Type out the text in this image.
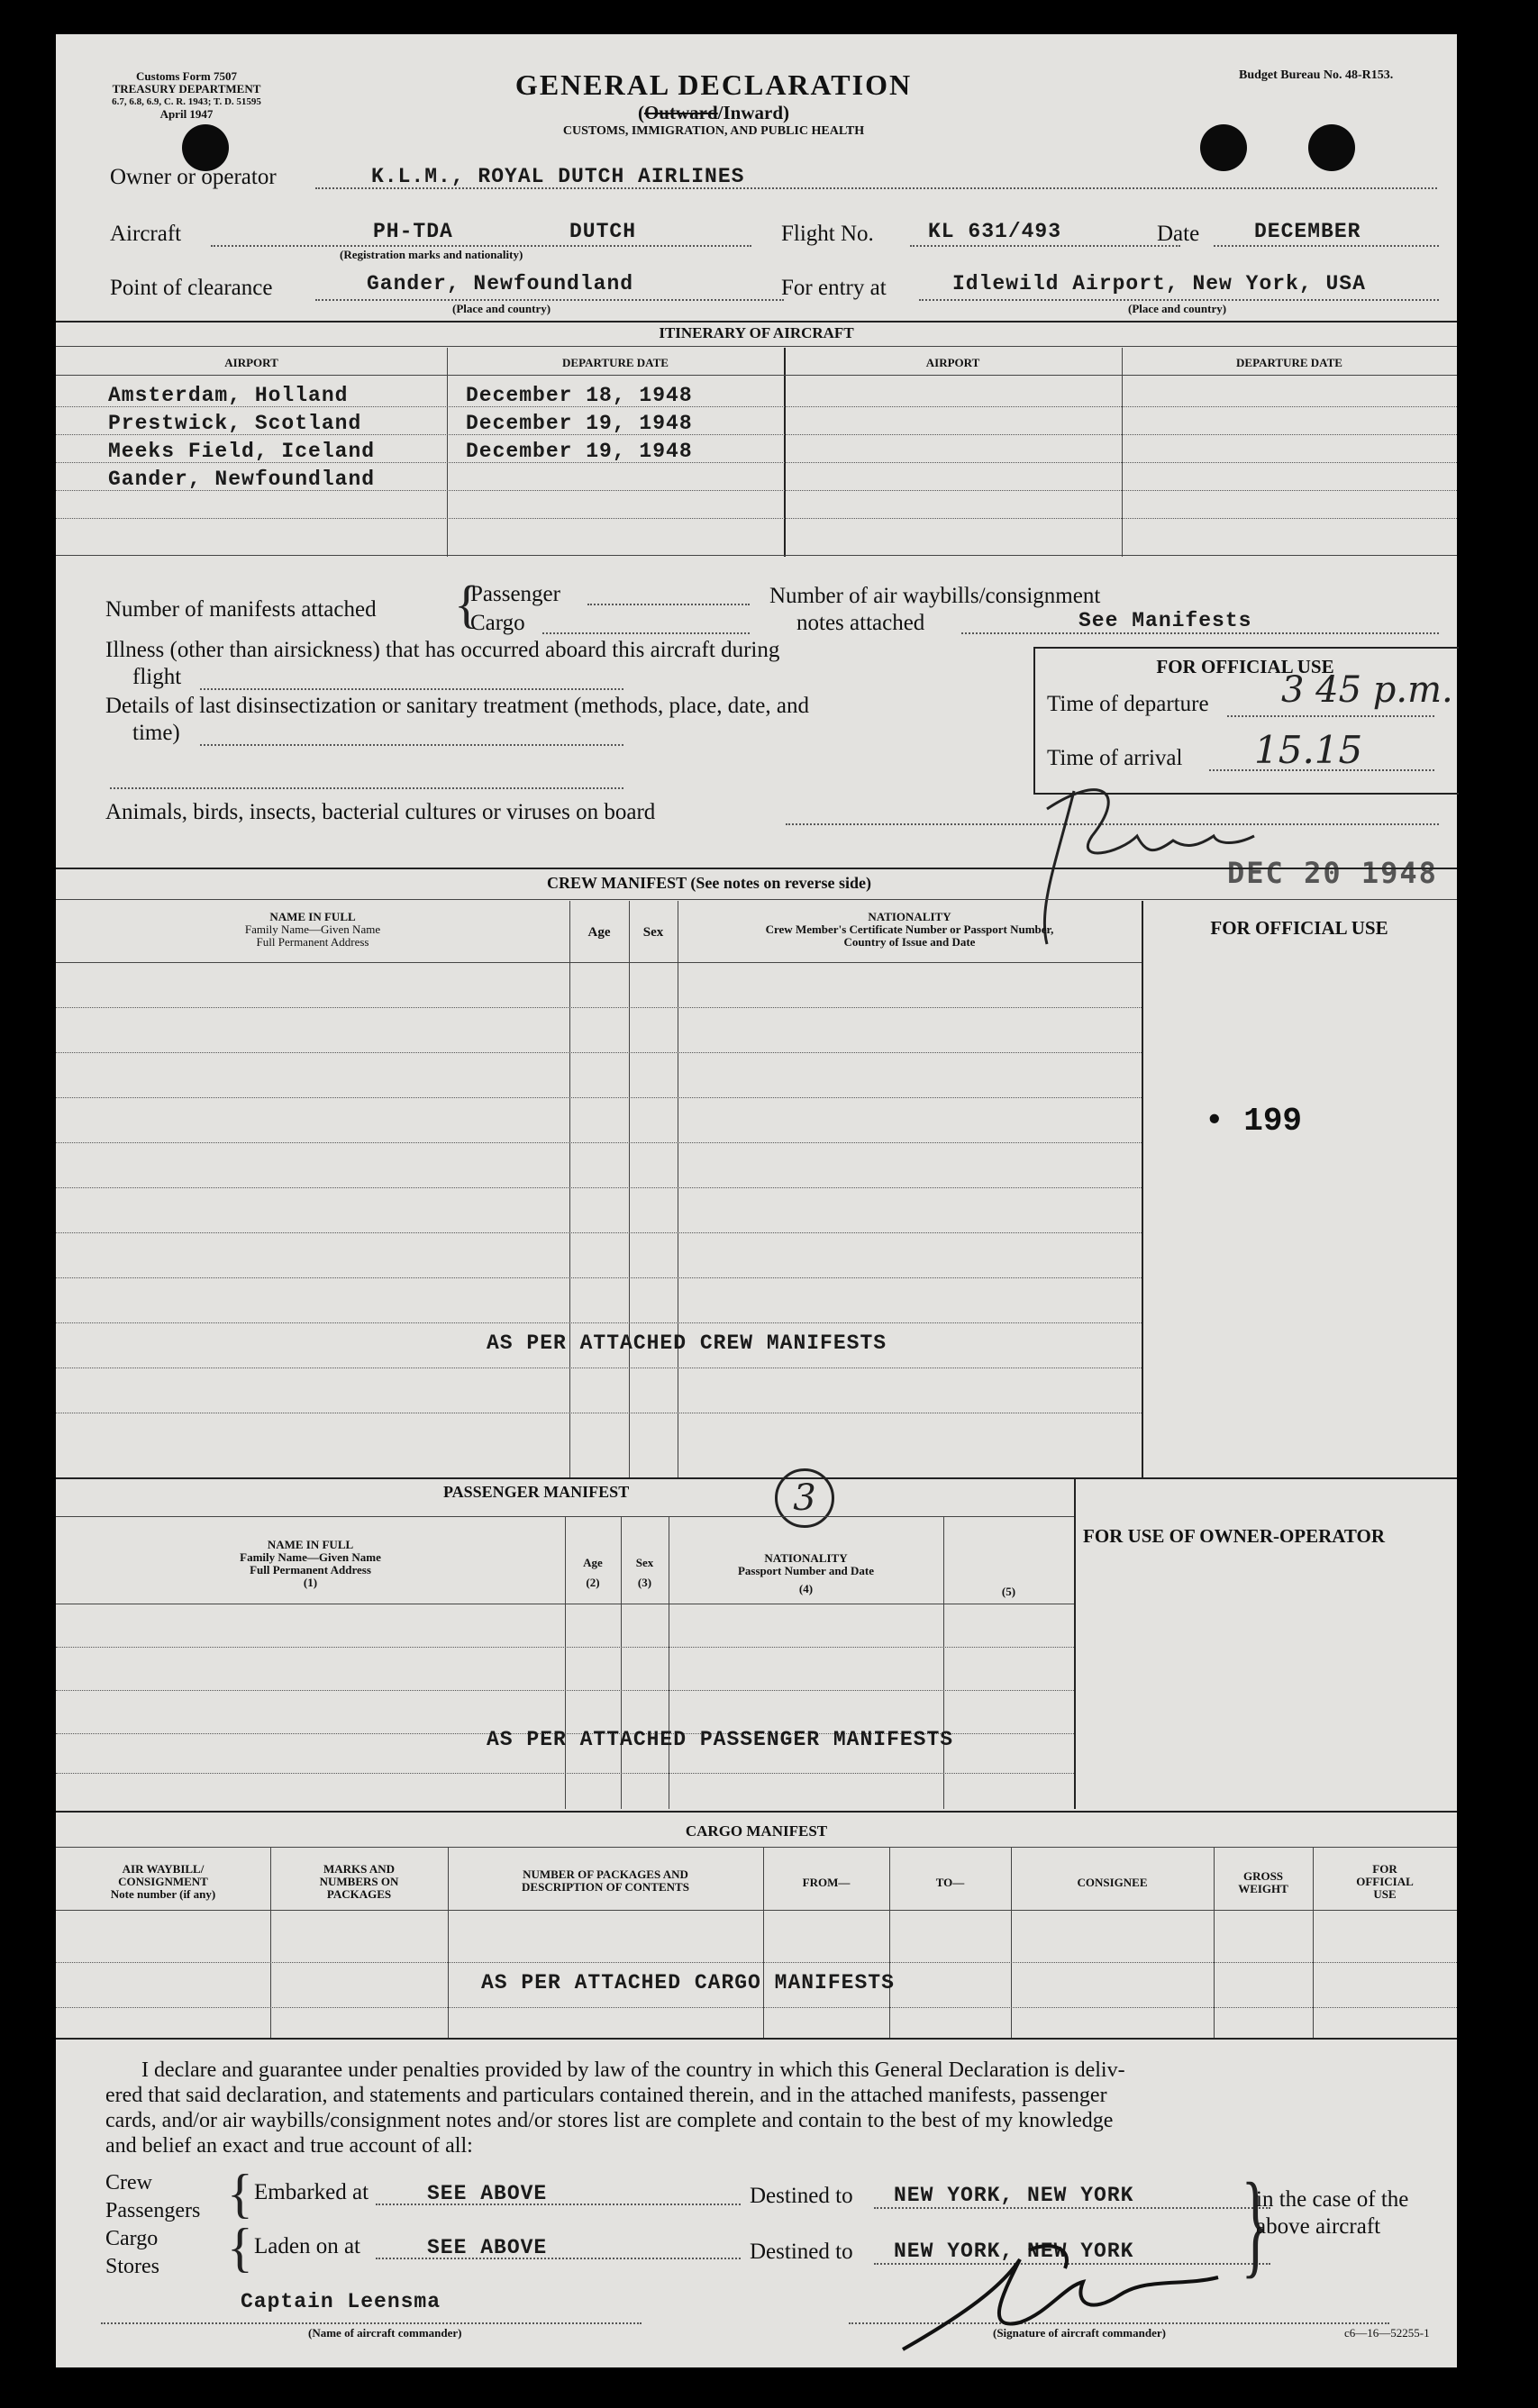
Customs Form 7507
TREASURY DEPARTMENT
6.7, 6.8, 6.9, C. R. 1943; T. D. 51595
April 1947
GENERAL DECLARATION
(Outward/Inward)
CUSTOMS, IMMIGRATION, AND PUBLIC HEALTH
Budget Bureau No. 48-R153.
Owner or operator	K.L.M., ROYAL DUTCH AIRLINES
Aircraft	PH-TDA	DUTCH
(Registration marks and nationality)
Flight No.	KL 631/493	Date	DECEMBER
Point of clearance	Gander, Newfoundland
(Place and country)
For entry at	Idlewild Airport, New York, USA
(Place and country)
ITINERARY OF AIRCRAFT
AIRPORT	DEPARTURE DATE	AIRPORT	DEPARTURE DATE
Amsterdam, Holland	December 18, 1948
Prestwick, Scotland	December 19, 1948
Meeks Field, Iceland	December 19, 1948
Gander, Newfoundland
Number of manifests attached {
Passenger
Cargo
Number of air waybills/consignment
notes attached	See Manifests
Illness (other than airsickness) that has occurred aboard this aircraft during
flight
Details of last disinsectization or sanitary treatment (methods, place, date, and
time)
Animals, birds, insects, bacterial cultures or viruses on board
FOR OFFICIAL USE
Time of departure 3 45 p.m.
Time of arrival 15.15
DEC 20 1948
CREW MANIFEST (See notes on reverse side)
NAME IN FULL
Family Name—Given Name
Full Permanent Address
Age	Sex
NATIONALITY
Crew Member's Certificate Number or Passport Number,
Country of Issue and Date
FOR OFFICIAL USE
• 199
AS PER ATTACHED CREW MANIFESTS
PASSENGER MANIFEST	3
NAME IN FULL
Family Name—Given Name
Full Permanent Address
(1)
Age
(2)
Sex
(3)
NATIONALITY
Passport Number and Date
(4)	(5)
FOR USE OF OWNER-OPERATOR
AS PER ATTACHED PASSENGER MANIFESTS
CARGO MANIFEST
AIR WAYBILL/
CONSIGNMENT
Note number (if any)
MARKS AND
NUMBERS ON
PACKAGES
NUMBER OF PACKAGES AND
DESCRIPTION OF CONTENTS	FROM—	TO—	CONSIGNEE	GROSS
WEIGHT
FOR
OFFICIAL
USE
AS PER ATTACHED CARGO MANIFESTS
I declare and guarantee under penalties provided by law of the country in which this General Declaration is deliv-
ered that said declaration, and statements and particulars contained therein, and in the attached manifests, passenger
cards, and/or air waybills/consignment notes and/or stores list are complete and contain to the best of my knowledge
and belief an exact and true account of all:
Crew
Passengers
Cargo
Stores
{
{
Embarked at	SEE ABOVE
Laden on at	SEE ABOVE
Destined to NEW YORK, NEW YORK
Destined to NEW YORK, NEW YORK }
in the case of the
above aircraft
Captain Leensma
(Name of aircraft commander)	(Signature of aircraft commander)	c6—16—52255-1
